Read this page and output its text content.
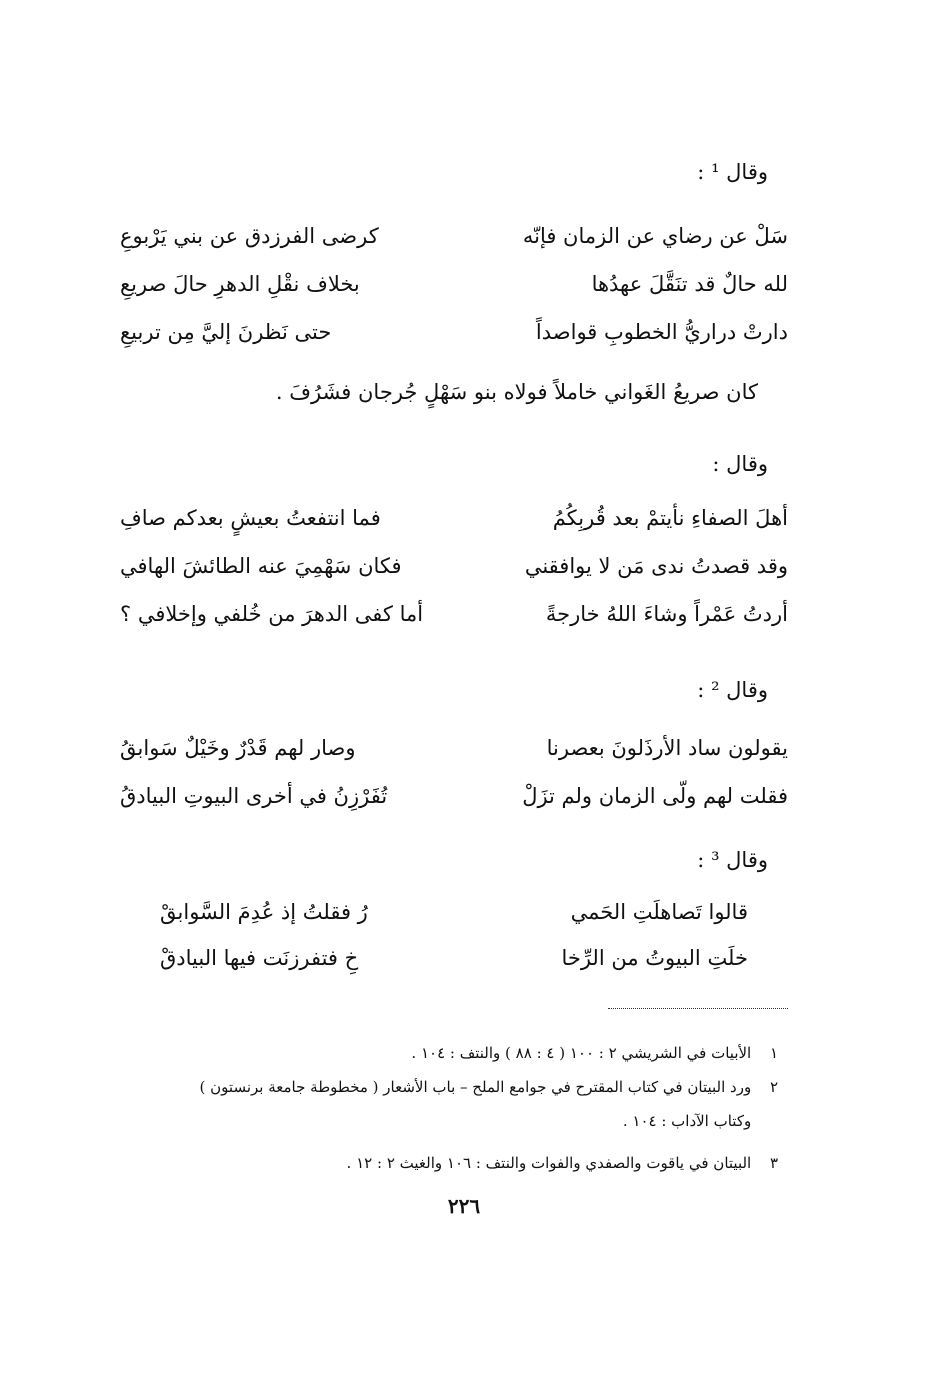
وقال ¹ :
سَلْ عن رضاي عن الزمان فإنّه
كرضى الفرزدق عن بني يَرْبوعِ
لله حالٌ قد تنَقَّلَ عهدُها
بخلاف نقْلِ الدهرِ حالَ صريعِ
دارتْ دراريُّ الخطوبِ قواصداً
حتى نَظرنَ إليَّ مِن تربيعِ
كان صريعُ الغَواني خاملاً فولاه بنو سَهْلٍ جُرجان فشَرُفَ .
وقال :
أهلَ الصفاءِ نأيتمْ بعد قُربِكُمُ
فما انتفعتُ بعيشٍ بعدكم صافِ
وقد قصدتُ ندى مَن لا يوافقني
فكان سَهْمِيَ عنه الطائشَ الهافي
أردتُ عَمْراً وشاءَ اللهُ خارجةً
أما كفى الدهرَ من خُلفي وإخلافي ؟
وقال ² :
يقولون ساد الأرذَلونَ بعصرنا
وصار لهم قَدْرٌ وخَيْلٌ سَوابقُ
فقلت لهم ولّى الزمان ولم تزَلْ
تُفَرْزِنُ في أخرى البيوتِ البيادقُ
وقال ³ :
قالوا تَصاهلَتِ الحَمي
رُ فقلتُ إذ عُدِمَ السَّوابقْ
خلَتِ البيوتُ من الرِّخا
خِ فتفرزنَت فيها البيادقْ
١ الأبيات في الشريشي ٢ : ١٠٠ ( ٤ : ٨٨ ) والنتف : ١٠٤ .
٢ ورد البيتان في كتاب المقترح في جوامع الملح – باب الأشعار ( مخطوطة جامعة برنستون )
وكتاب الآداب : ١٠٤ .
٣ البيتان في ياقوت والصفدي والفوات والنتف : ١٠٦ والغيث ٢ : ١٢ .
٢٢٦
